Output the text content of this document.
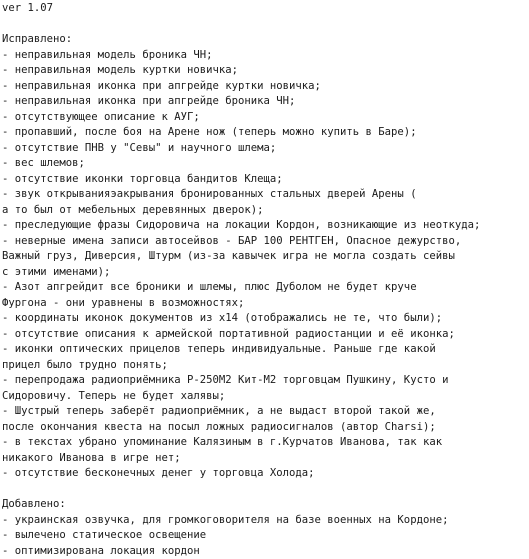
ver 1.07
Исправлено:
- неправильная модель броника ЧН;
- неправильная модель куртки новичка;
- неправильная иконка при апгрейде куртки новичка;
- неправильная иконка при апгрейде броника ЧН;
- отсутствующее описание к АУГ;
- пропавший, после боя на Арене нож (теперь можно купить в Баре);
- отсутствие ПНВ у "Севы" и научного шлема;
- вес шлемов;
- отсутствие иконки торговца бандитов Клеща;
- звук открыванияэакрывания бронированных стальных дверей Арены (
а то был от мебельных деревянных дверок);
- преследующие фразы Сидоровича на локации Кордон, возникающие из неоткуда;
- неверные имена записи автосейвов - БАР 100 РЕНТГЕН, Опасное дежурство,
Важный груз, Диверсия, Штурм (из-за кавычек игра не могла создать сейвы
с этими именами);
- Азот апгрейдит все броники и шлемы, плюс Дуболом не будет круче
Фургона - они уравнены в возможностях;
- координаты иконок документов из х14 (отображались не те, что были);
- отсутствие описания к армейской портативной радиостанции и её иконка;
- иконки оптических прицелов теперь индивидуальные. Раньше где какой
прицел было трудно понять;
- перепродажа радиоприёмника Р-250М2 Кит-М2 торговцам Пушкину, Кусто и
Сидоровичу. Теперь не будет халявы;
- Шустрый теперь заберёт радиоприёмник, а не выдаст второй такой же,
после окончания квеста на посыл ложных радиосигналов (автор Charsi);
- в текстах убрано упоминание Калязиным в г.Курчатов Иванова, так как
никакого Иванова в игре нет;
- отсутствие бесконечных денег у торговца Холода;
Добавлено:
- украинская озвучка, для громкоговорителя на базе военных на Кордоне;
- вылечено статическое освещение
- оптимизирована локация кордон
